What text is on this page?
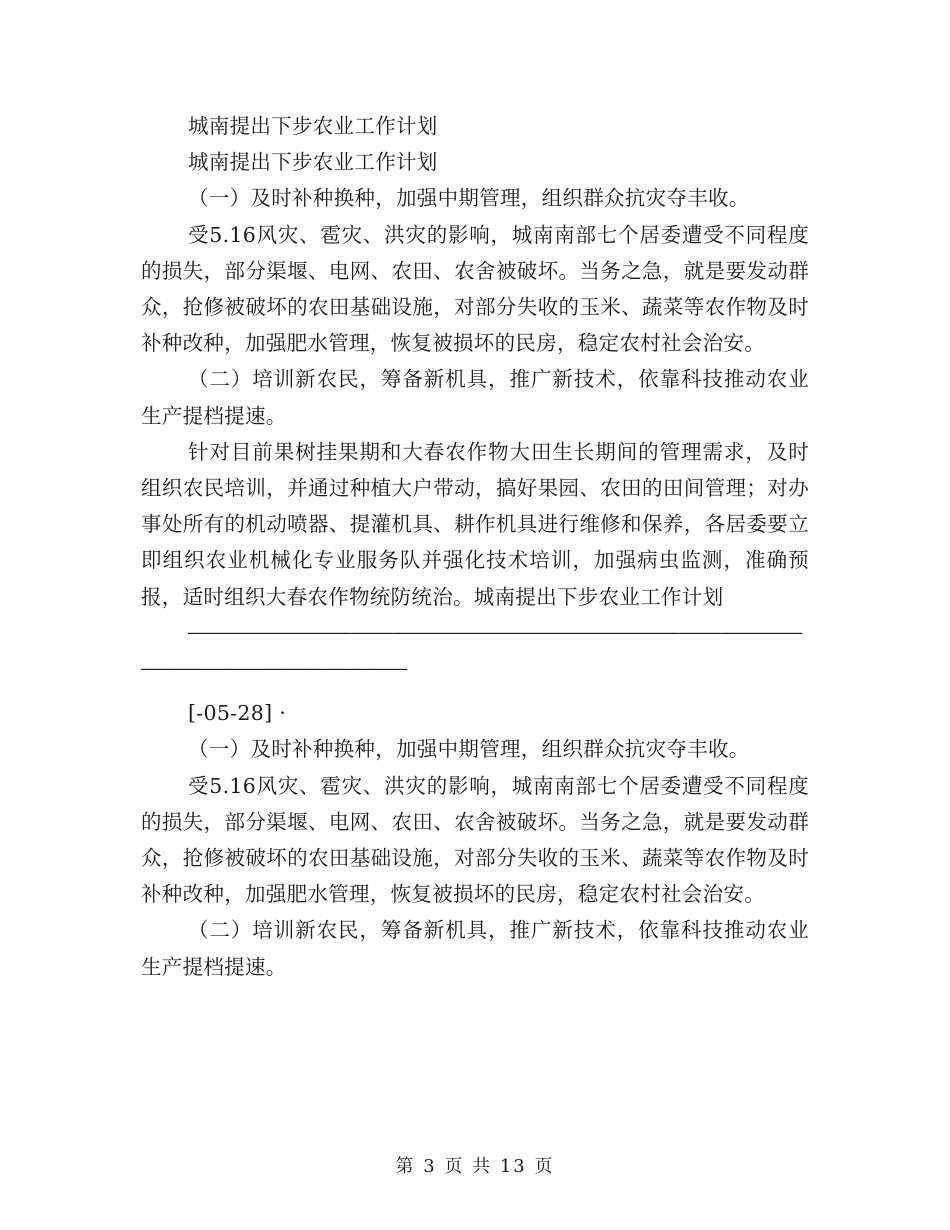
城南提出下步农业工作计划

城南提出下步农业工作计划

（一）及时补种换种，加强中期管理，组织群众抗灾夺丰收。

受5.16风灾、雹灾、洪灾的影响，城南南部七个居委遭受不同程度的损失，部分渠堰、电网、农田、农舍被破坏。当务之急，就是要发动群众，抢修被破坏的农田基础设施，对部分失收的玉米、蔬菜等农作物及时补种改种，加强肥水管理，恢复被损坏的民房，稳定农村社会治安。

（二）培训新农民，筹备新机具，推广新技术，依靠科技推动农业生产提档提速。

针对目前果树挂果期和大春农作物大田生长期间的管理需求，及时组织农民培训，并通过种植大户带动，搞好果园、农田的田间管理；对办事处所有的机动喷器、提灌机具、耕作机具进行维修和保养，各居委要立即组织农业机械化专业服务队并强化技术培训，加强病虫监测，准确预报，适时组织大春农作物统防统治。城南提出下步农业工作计划

――――――――――――――――――――――――――――――――――――――――――――――――――――――――――――――――――――――――――――――――――――――

[-05-28] ·

（一）及时补种换种，加强中期管理，组织群众抗灾夺丰收。

受5.16风灾、雹灾、洪灾的影响，城南南部七个居委遭受不同程度的损失，部分渠堰、电网、农田、农舍被破坏。当务之急，就是要发动群众，抢修被破坏的农田基础设施，对部分失收的玉米、蔬菜等农作物及时补种改种，加强肥水管理，恢复被损坏的民房，稳定农村社会治安。

（二）培训新农民，筹备新机具，推广新技术，依靠科技推动农业生产提档提速。

第 3 页 共 13 页
